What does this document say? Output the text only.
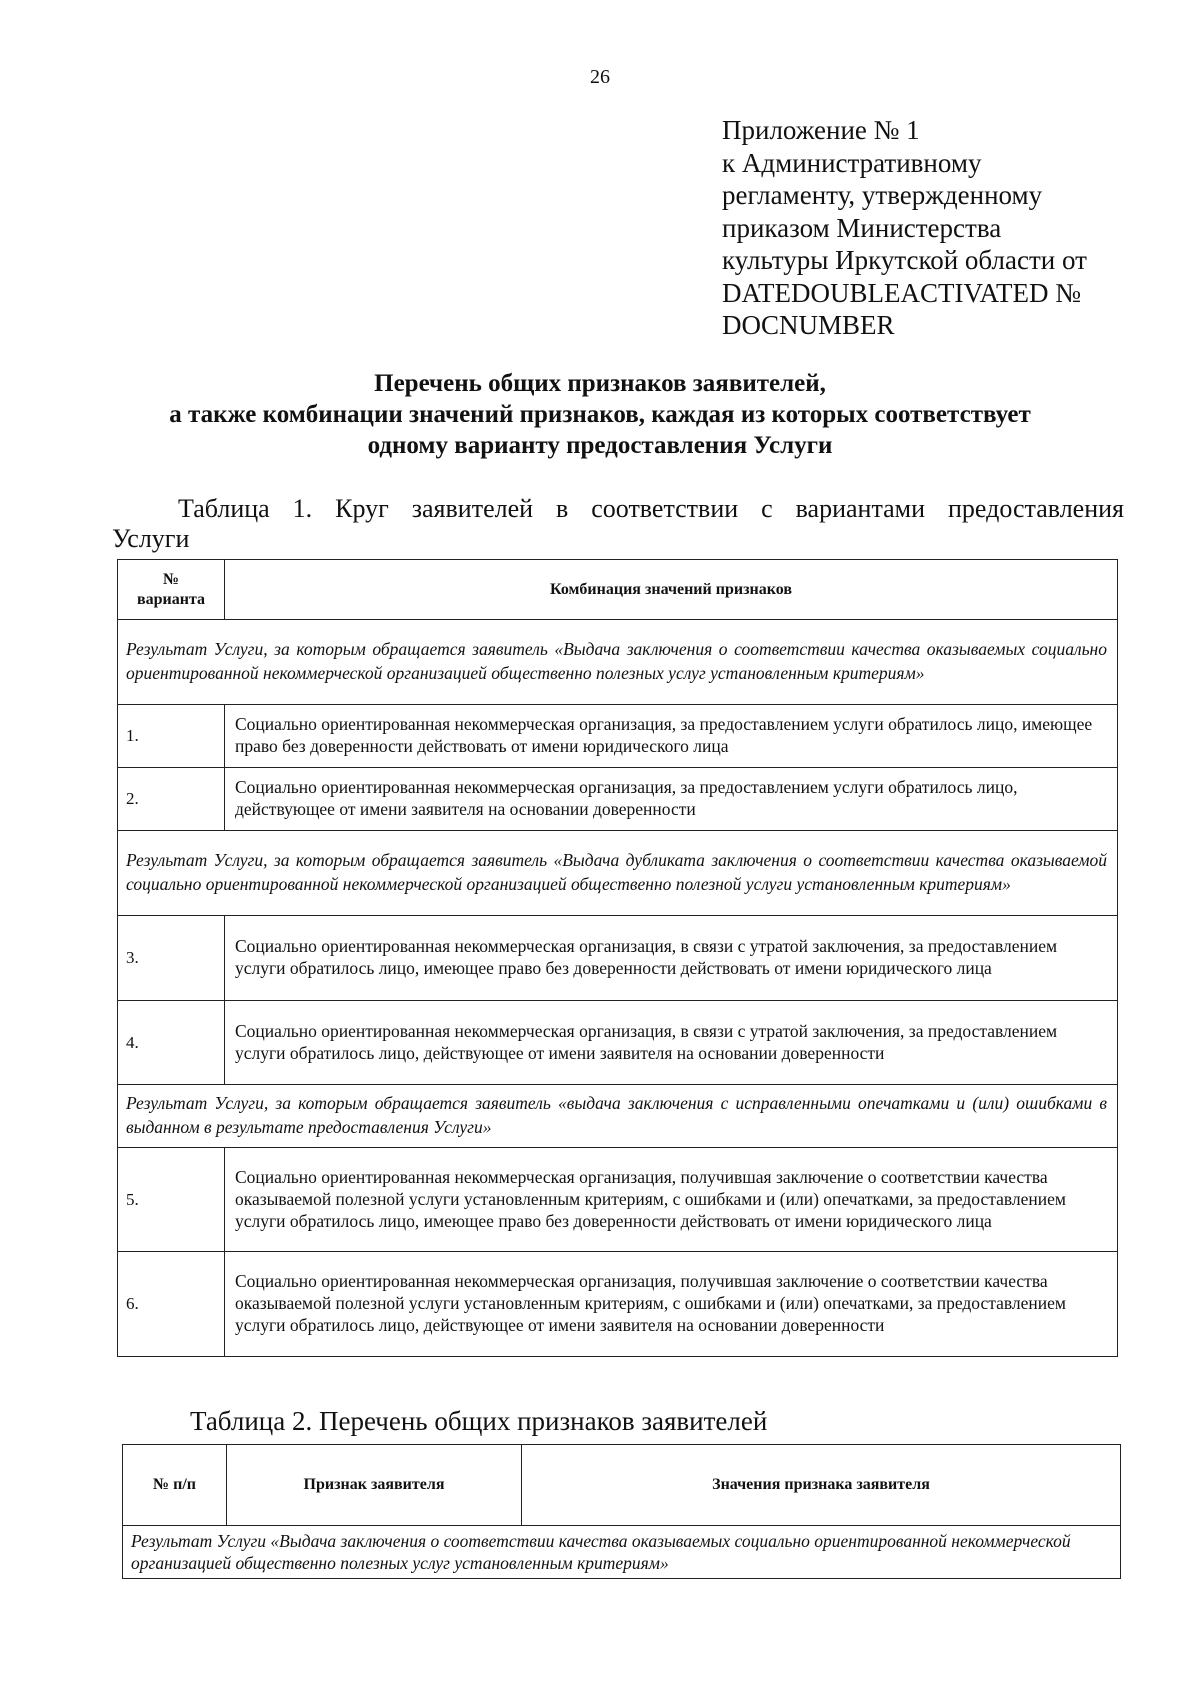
26
Приложение № 1
к Административному
регламенту, утвержденному
приказом Министерства
культуры Иркутской области от
DATEDOUBLEACTIVATED №
DOCNUMBER
Перечень общих признаков заявителей,
а также комбинации значений признаков, каждая из которых соответствует
одному варианту предоставления Услуги
Таблица 1. Круг заявителей в соответствии с вариантами предоставления
Услуги
№
варианта	Комбинация значений признаков
Результат Услуги, за которым обращается заявитель «Выдача заключения о соответствии качества оказываемых социально ориентированной некоммерческой организацией общественно полезных услуг установленным критериям»	
1.	Социально ориентированная некоммерческая организация, за предоставлением услуги обратилось лицо, имеющее право без доверенности действовать от имени юридического лица
2.	Социально ориентированная некоммерческая организация, за предоставлением услуги обратилось лицо, действующее от имени заявителя на основании доверенности
Результат Услуги, за которым обращается заявитель «Выдача дубликата заключения о соответствии качества оказываемой социально ориентированной некоммерческой организацией общественно полезной услуги установленным критериям»	
3.	Социально ориентированная некоммерческая организация, в связи с утратой заключения, за предоставлением услуги обратилось лицо, имеющее право без доверенности действовать от имени юридического лица
4.	Социально ориентированная некоммерческая организация, в связи с утратой заключения, за предоставлением услуги обратилось лицо, действующее от имени заявителя на основании доверенности
Результат Услуги, за которым обращается заявитель «выдача заключения с исправленными опечатками и (или) ошибками в выданном в результате предоставления Услуги»	
5.	Социально ориентированная некоммерческая организация, получившая заключение о соответствии качества оказываемой полезной услуги установленным критериям, с ошибками и (или) опечатками, за предоставлением услуги обратилось лицо, имеющее право без доверенности действовать от имени юридического лица
6.	Социально ориентированная некоммерческая организация, получившая заключение о соответствии качества оказываемой полезной услуги установленным критериям, с ошибками и (или) опечатками, за предоставлением услуги обратилось лицо, действующее от имени заявителя на основании доверенности
Таблица 2. Перечень общих признаков заявителей
№ п/п	Признак заявителя	Значения признака заявителя
Результат Услуги «Выдача заключения о соответствии качества оказываемых социально ориентированной некоммерческой организацией общественно полезных услуг установленным критериям»
